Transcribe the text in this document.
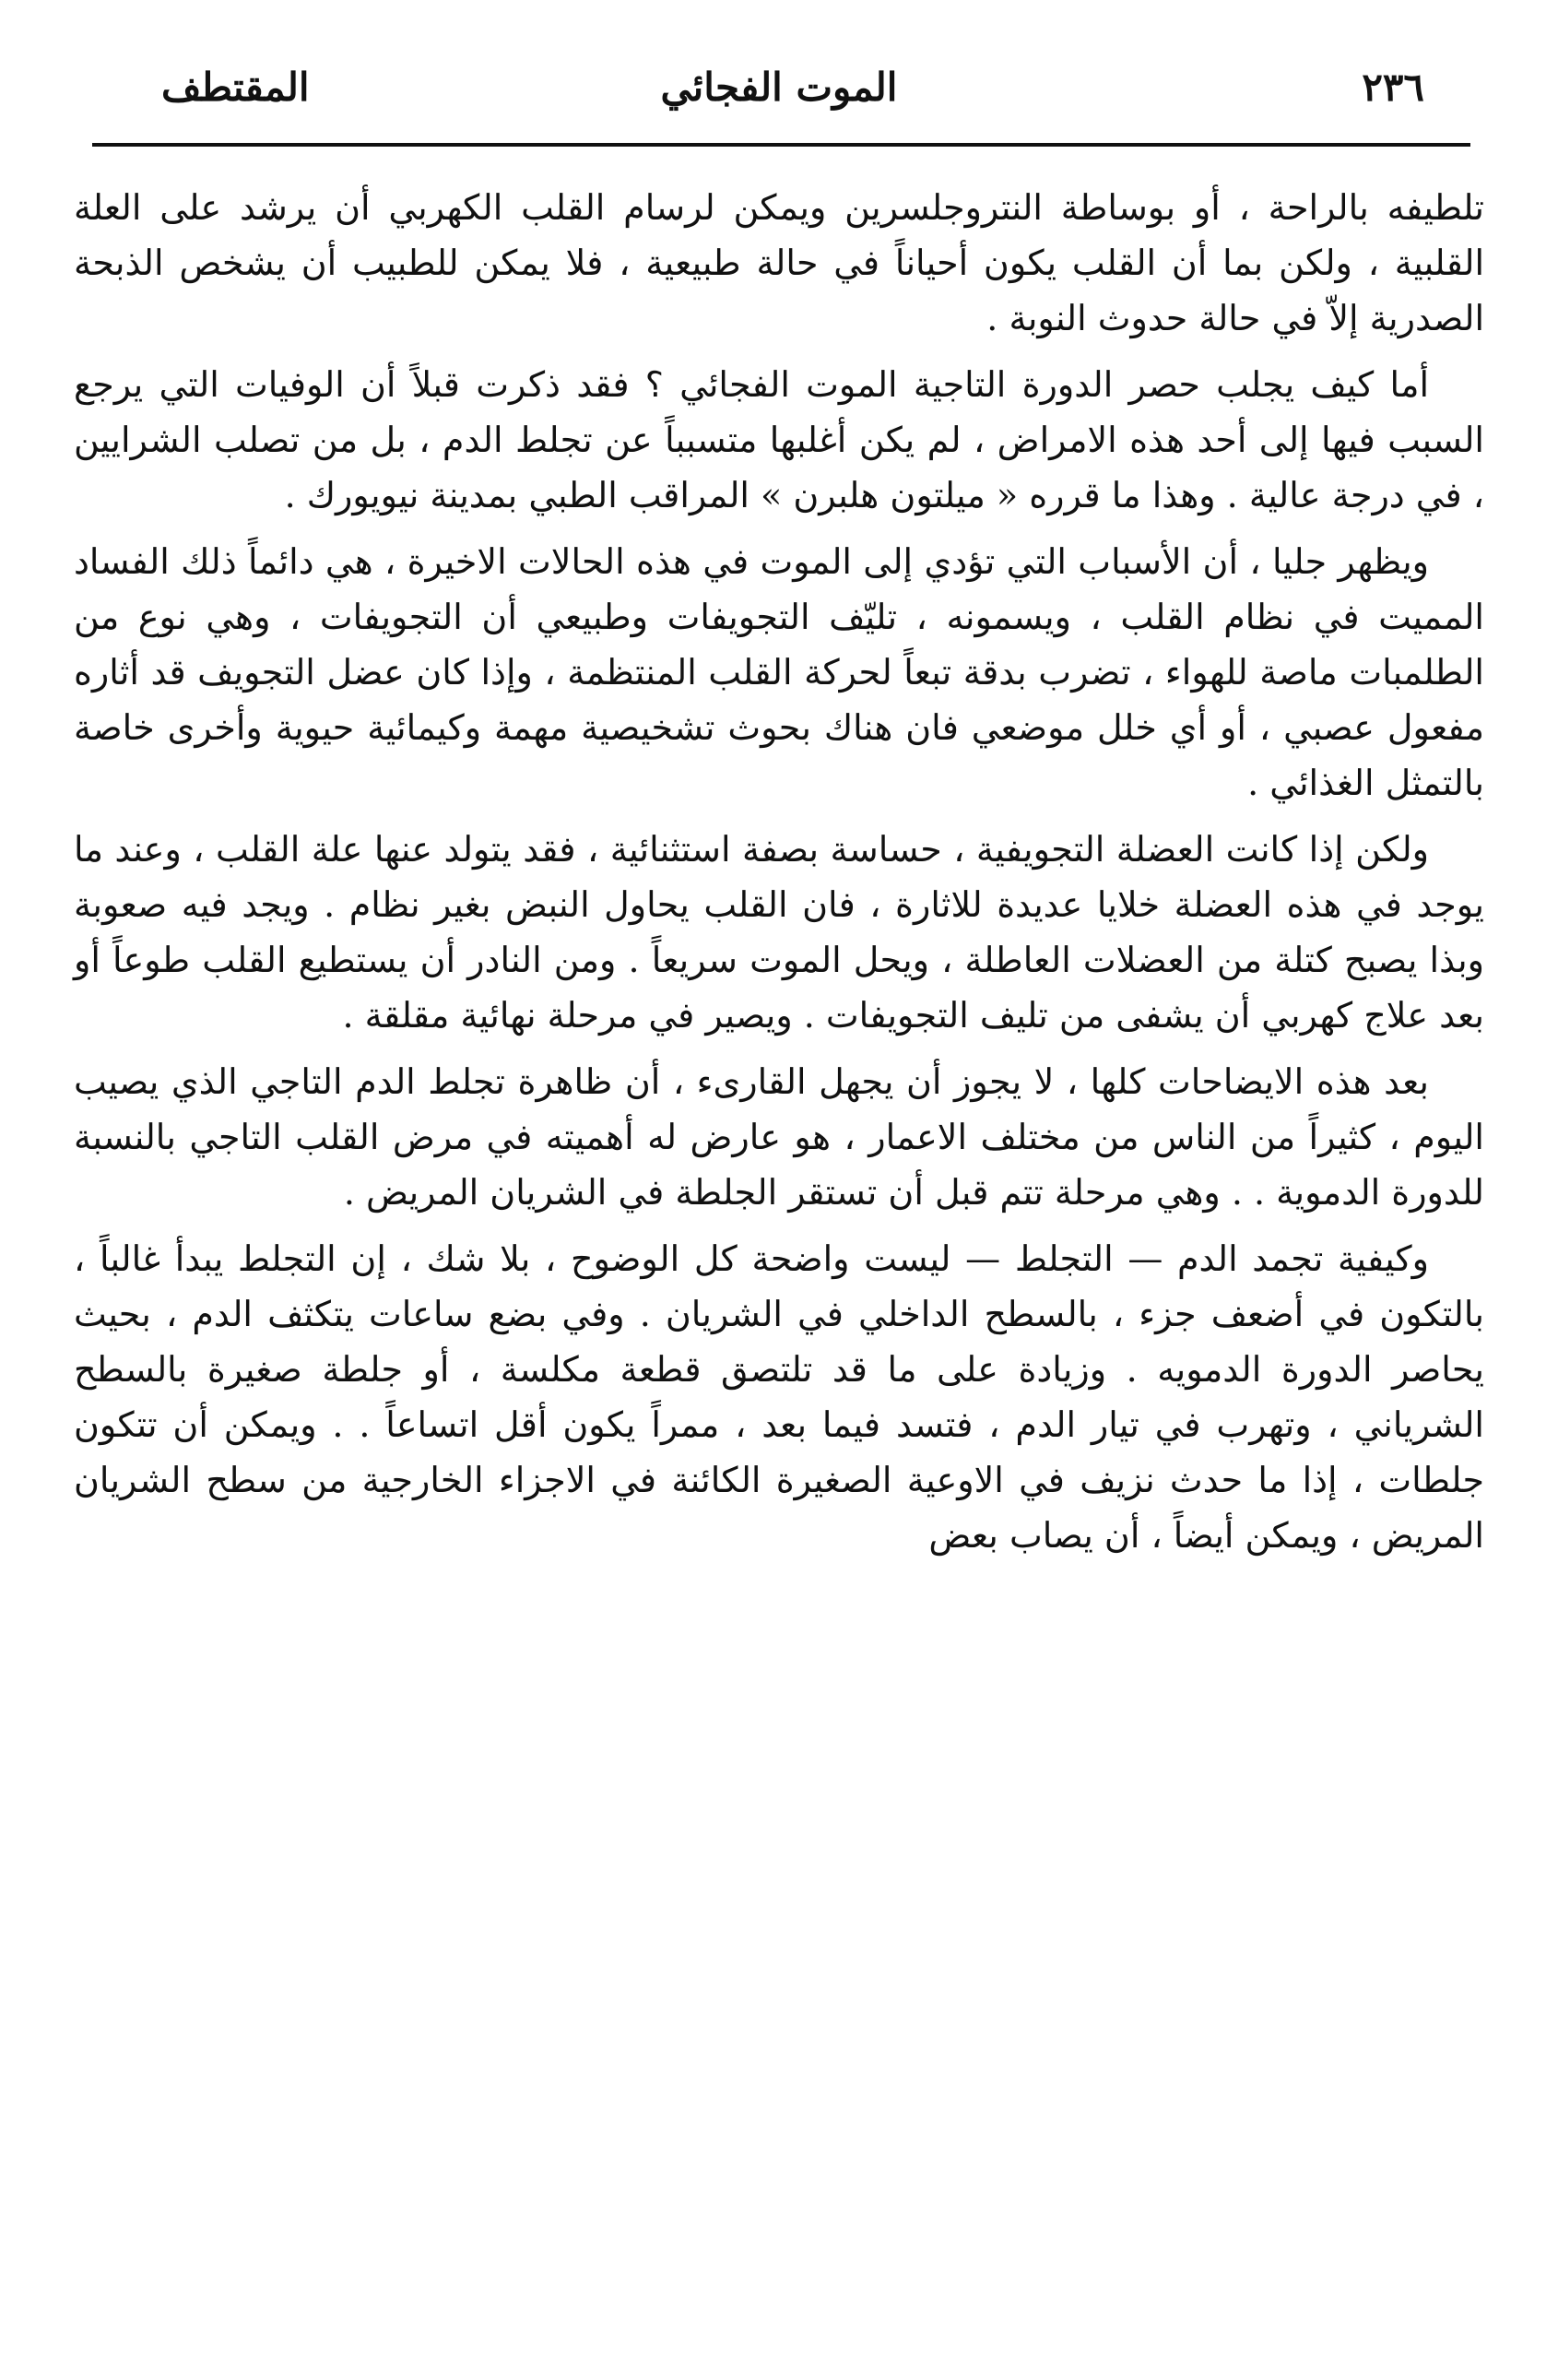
٢٣٦
الموت الفجائي
المقتطف

تلطيفه بالراحة ، أو بوساطة النتروجلسرين ويمكن لرسام القلب الكهربي أن يرشد على العلة القلبية ، ولكن بما أن القلب يكون أحياناً في حالة طبيعية ، فلا يمكن للطبيب أن يشخص الذبحة الصدرية إلاّ في حالة حدوث النوبة .

أما كيف يجلب حصر الدورة التاجية الموت الفجائي ؟ فقد ذكرت قبلاً أن الوفيات التي يرجع السبب فيها إلى أحد هذه الامراض ، لم يكن أغلبها متسبباً عن تجلط الدم ، بل من تصلب الشرايين ، في درجة عالية . وهذا ما قرره « ميلتون هلبرن » المراقب الطبي بمدينة نيويورك .

ويظهر جليا ، أن الأسباب التي تؤدي إلى الموت في هذه الحالات الاخيرة ، هي دائماً ذلك الفساد المميت في نظام القلب ، ويسمونه ، تليّف التجويفات وطبيعي أن التجويفات ، وهي نوع من الطلمبات ماصة للهواء ، تضرب بدقة تبعاً لحركة القلب المنتظمة ، وإذا كان عضل التجويف قد أثاره مفعول عصبي ، أو أي خلل موضعي فان هناك بحوث تشخيصية مهمة وكيمائية حيوية وأخرى خاصة بالتمثل الغذائي .

ولكن إذا كانت العضلة التجويفية ، حساسة بصفة استثنائية ، فقد يتولد عنها علة القلب ، وعند ما يوجد في هذه العضلة خلايا عديدة للاثارة ، فان القلب يحاول النبض بغير نظام . ويجد فيه صعوبة وبذا يصبح كتلة من العضلات العاطلة ، ويحل الموت سريعاً . ومن النادر أن يستطيع القلب طوعاً أو بعد علاج كهربي أن يشفى من تليف التجويفات . ويصير في مرحلة نهائية مقلقة .

بعد هذه الايضاحات كلها ، لا يجوز أن يجهل القارىء ، أن ظاهرة تجلط الدم التاجي الذي يصيب اليوم ، كثيراً من الناس من مختلف الاعمار ، هو عارض له أهميته في مرض القلب التاجي بالنسبة للدورة الدموية . . وهي مرحلة تتم قبل أن تستقر الجلطة في الشريان المريض .

وكيفية تجمد الدم — التجلط — ليست واضحة كل الوضوح ، بلا شك ، إن التجلط يبدأ غالباً ، بالتكون في أضعف جزء ، بالسطح الداخلي في الشريان . وفي بضع ساعات يتكثف الدم ، بحيث يحاصر الدورة الدمويه . وزيادة على ما قد تلتصق قطعة مكلسة ، أو جلطة صغيرة بالسطح الشرياني ، وتهرب في تيار الدم ، فتسد فيما بعد ، ممراً يكون أقل اتساعاً . . ويمكن أن تتكون جلطات ، إذا ما حدث نزيف في الاوعية الصغيرة الكائنة في الاجزاء الخارجية من سطح الشريان المريض ، ويمكن أيضاً ، أن يصاب بعض
